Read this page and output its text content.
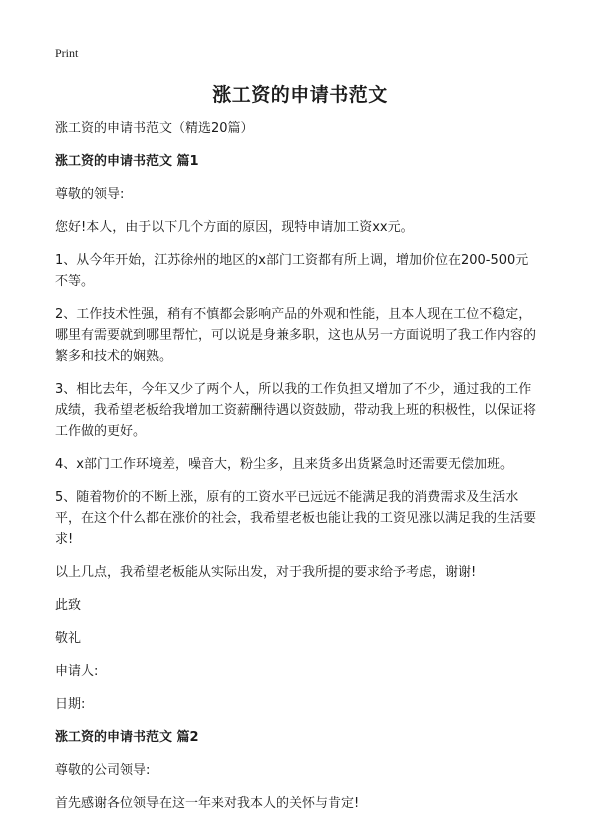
Print
涨工资的申请书范文

涨工资的申请书范文（精选20篇）

涨工资的申请书范文 篇1

尊敬的领导:

您好!本人，由于以下几个方面的原因，现特申请加工资xx元。

1、从今年开始，江苏徐州的地区的x部门工资都有所上调，增加价位在200-500元不等。

2、工作技术性强，稍有不慎都会影响产品的外观和性能，且本人现在工位不稳定，哪里有需要就到哪里帮忙，可以说是身兼多职，这也从另一方面说明了我工作内容的繁多和技术的娴熟。

3、相比去年，今年又少了两个人，所以我的工作负担又增加了不少，通过我的工作成绩，我希望老板给我增加工资薪酬待遇以资鼓励，带动我上班的积极性，以保证将工作做的更好。

4、x部门工作环境差，噪音大，粉尘多，且来货多出货紧急时还需要无偿加班。

5、随着物价的不断上涨，原有的工资水平已远远不能满足我的消费需求及生活水平，在这个什么都在涨价的社会，我希望老板也能让我的工资见涨以满足我的生活要求!

以上几点，我希望老板能从实际出发，对于我所提的要求给予考虑，谢谢!

此致

敬礼

申请人:

日期:

涨工资的申请书范文 篇2

尊敬的公司领导:

首先感谢各位领导在这一年来对我本人的关怀与肯定!
